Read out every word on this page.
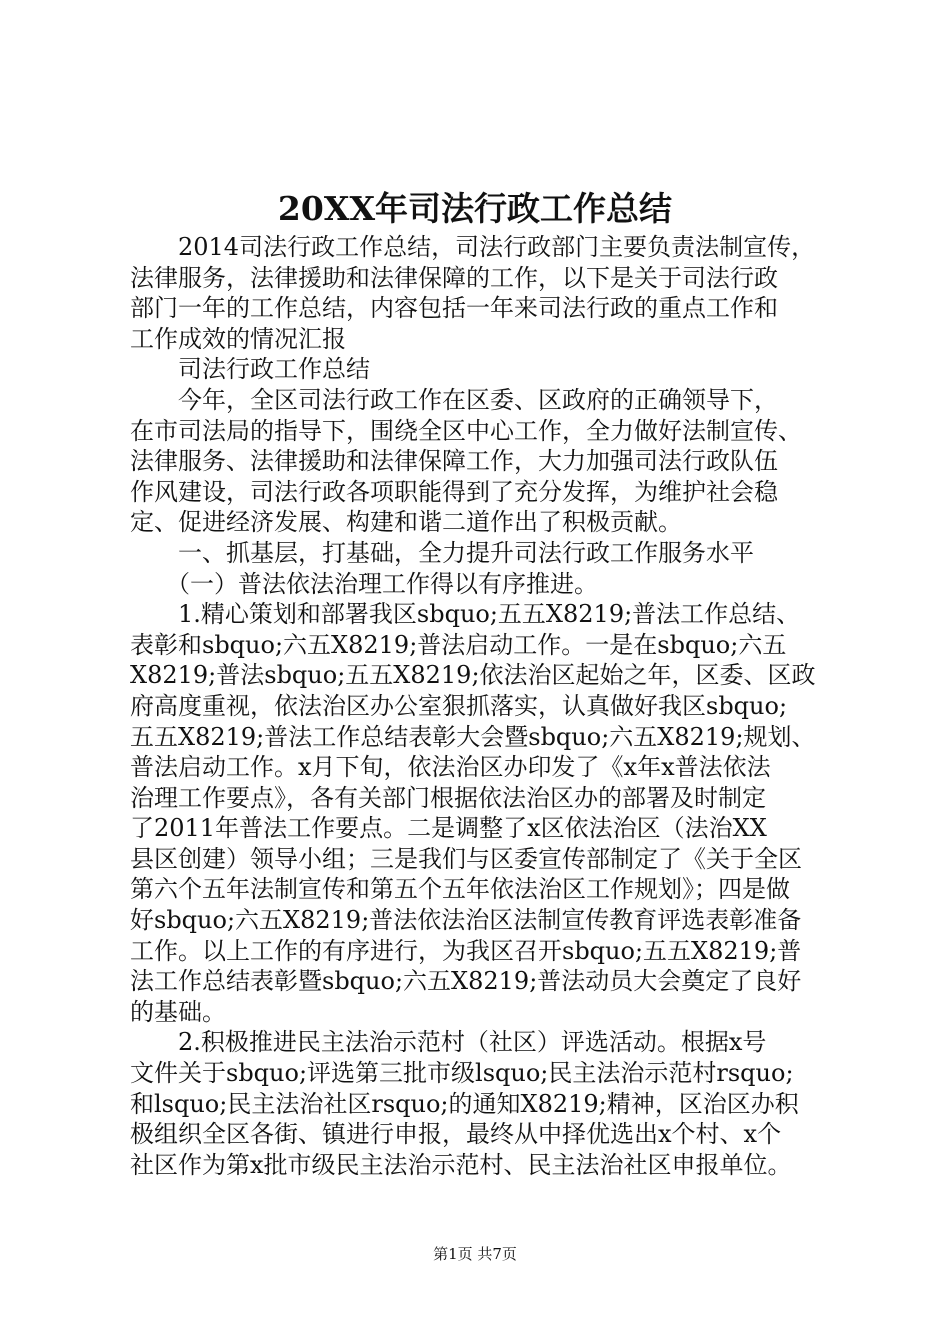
20XX年司法行政工作总结
　　2014司法行政工作总结，司法行政部门主要负责法制宣传，
法律服务，法律援助和法律保障的工作，以下是关于司法行政
部门一年的工作总结，内容包括一年来司法行政的重点工作和
工作成效的情况汇报
　　司法行政工作总结
　　今年，全区司法行政工作在区委、区政府的正确领导下，
在市司法局的指导下，围绕全区中心工作，全力做好法制宣传、
法律服务、法律援助和法律保障工作，大力加强司法行政队伍
作风建设，司法行政各项职能得到了充分发挥，为维护社会稳
定、促进经济发展、构建和谐二道作出了积极贡献。
　　一、抓基层，打基础，全力提升司法行政工作服务水平
　　（一）普法依法治理工作得以有序推进。
　　1.精心策划和部署我区sbquo;五五X8219;普法工作总结、
表彰和sbquo;六五X8219;普法启动工作。一是在sbquo;六五
X8219;普法sbquo;五五X8219;依法治区起始之年，区委、区政
府高度重视，依法治区办公室狠抓落实，认真做好我区sbquo;
五五X8219;普法工作总结表彰大会暨sbquo;六五X8219;规划、
普法启动工作。x月下旬，依法治区办印发了《x年x普法依法
治理工作要点》，各有关部门根据依法治区办的部署及时制定
了2011年普法工作要点。二是调整了x区依法治区（法治XX
县区创建）领导小组；三是我们与区委宣传部制定了《关于全区
第六个五年法制宣传和第五个五年依法治区工作规划》；四是做
好sbquo;六五X8219;普法依法治区法制宣传教育评选表彰准备
工作。以上工作的有序进行，为我区召开sbquo;五五X8219;普
法工作总结表彰暨sbquo;六五X8219;普法动员大会奠定了良好
的基础。
　　2.积极推进民主法治示范村（社区）评选活动。根据x号
文件关于sbquo;评选第三批市级lsquo;民主法治示范村rsquo;
和lsquo;民主法治社区rsquo;的通知X8219;精神，区治区办积
极组织全区各街、镇进行申报，最终从中择优选出x个村、x个
社区作为第x批市级民主法治示范村、民主法治社区申报单位。
第1页 共7页
